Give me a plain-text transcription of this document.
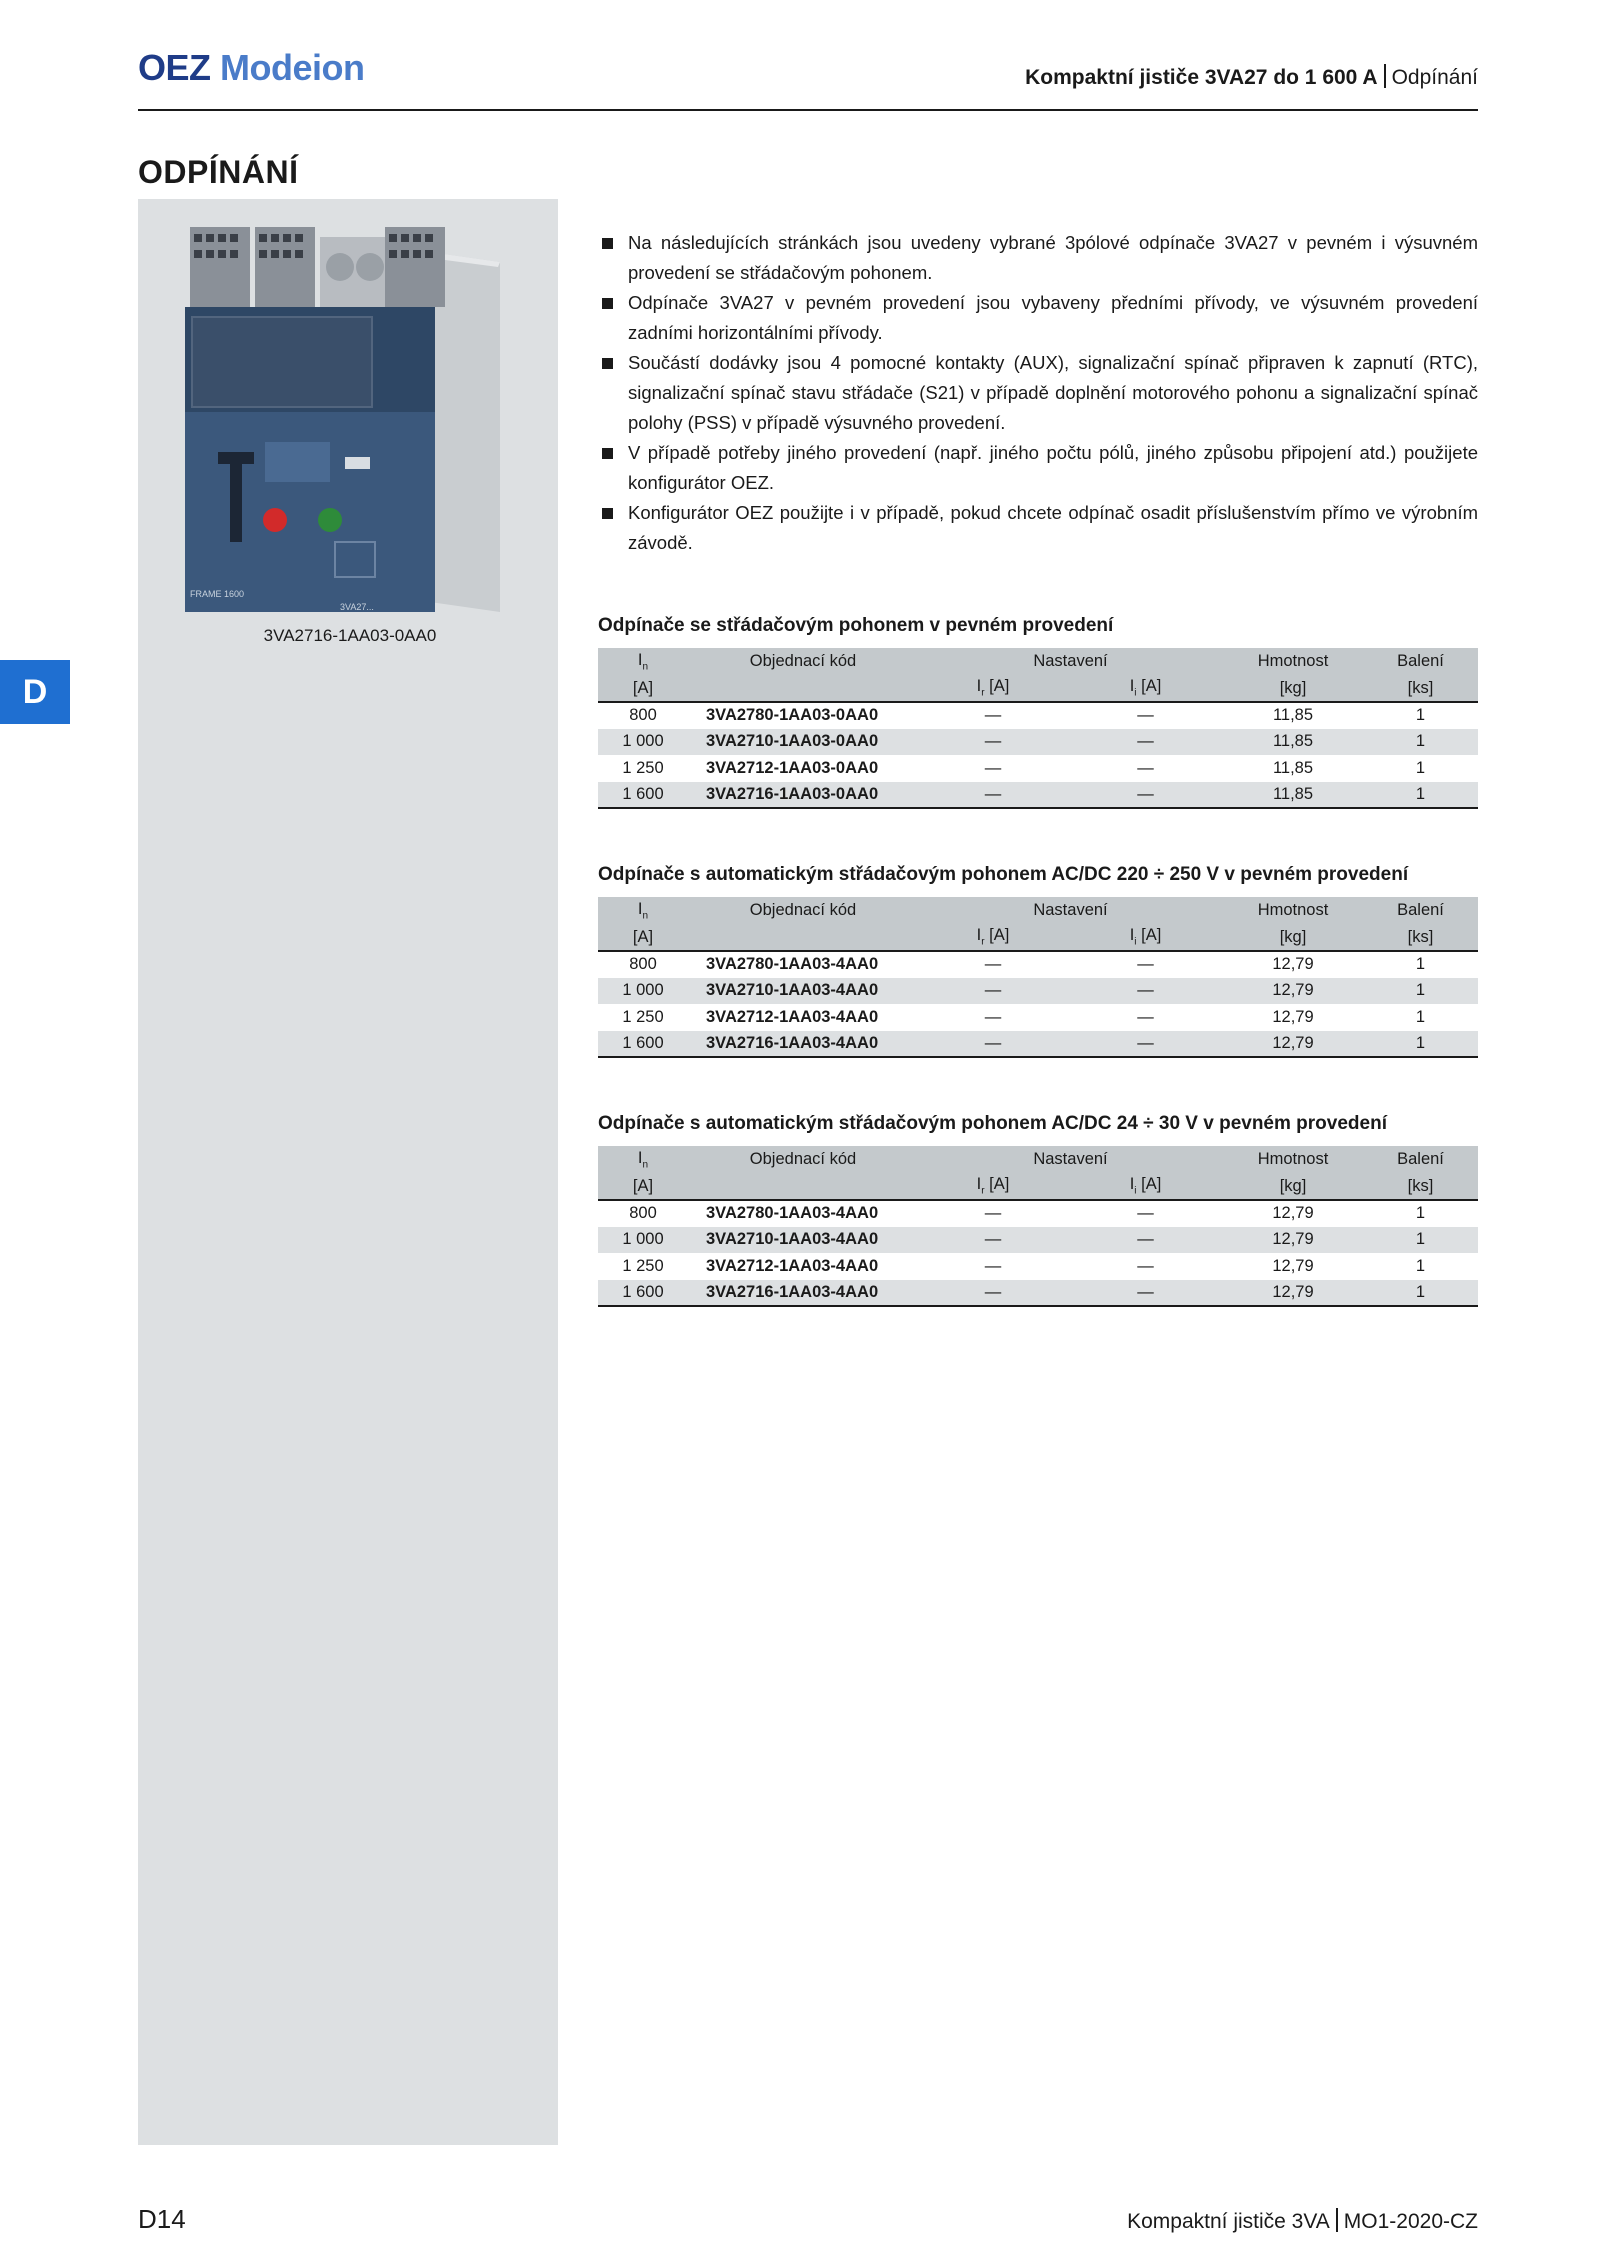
OEZ Modeion	Kompaktní jističe 3VA27 do 1 600 A Odpínání
ODPÍNÁNÍ
FRAME 1600
3VA27...
3VA2716-1AA03-0AA0
D
Na následujících stránkách jsou uvedeny vybrané 3pólové odpínače 3VA27 v pevném i výsuvném provedení se střádačovým pohonem.
Odpínače 3VA27 v pevném provedení jsou vybaveny předními přívody, ve výsuvném provedení zadními horizontálními přívody.
Součástí dodávky jsou 4 pomocné kontakty (AUX), signalizační spínač připraven k zapnutí (RTC), signalizační spínač stavu střádače (S21) v případě doplnění motorového pohonu a signalizační spínač polohy (PSS) v případě výsuvného provedení.
V případě potřeby jiného provedení (např. jiného počtu pólů, jiného způsobu připojení atd.) použijete konfigurátor OEZ.
Konfigurátor OEZ použijte i v případě, pokud chcete odpínač osadit příslušenstvím přímo ve výrobním závodě.
Odpínače se střádačovým pohonem v pevném provedení
$I_n$	Objednací kód	Nastavení		Hmotnost	Balení
[A]		$I_r$ [A]	$I_i$ [A]	[kg]	[ks]
800	3VA2780-1AA03-0AA0	—	—	11,85	1
1 000	3VA2710-1AA03-0AA0	—	—	11,85	1
1 250	3VA2712-1AA03-0AA0	—	—	11,85	1
1 600	3VA2716-1AA03-0AA0	—	—	11,85	1
Odpínače s automatickým střádačovým pohonem AC/DC 220 ÷ 250 V v pevném provedení
$I_n$	Objednací kód	Nastavení		Hmotnost	Balení
[A]		$I_r$ [A]	$I_i$ [A]	[kg]	[ks]
800	3VA2780-1AA03-4AA0	—	—	12,79	1
1 000	3VA2710-1AA03-4AA0	—	—	12,79	1
1 250	3VA2712-1AA03-4AA0	—	—	12,79	1
1 600	3VA2716-1AA03-4AA0	—	—	12,79	1
Odpínače s automatickým střádačovým pohonem AC/DC 24 ÷ 30 V v pevném provedení
$I_n$	Objednací kód	Nastavení		Hmotnost	Balení
[A]		$I_r$ [A]	$I_i$ [A]	[kg]	[ks]
800	3VA2780-1AA03-4AA0	—	—	12,79	1
1 000	3VA2710-1AA03-4AA0	—	—	12,79	1
1 250	3VA2712-1AA03-4AA0	—	—	12,79	1
1 600	3VA2716-1AA03-4AA0	—	—	12,79	1
D14	Kompaktní jističe 3VA MO1-2020-CZ
